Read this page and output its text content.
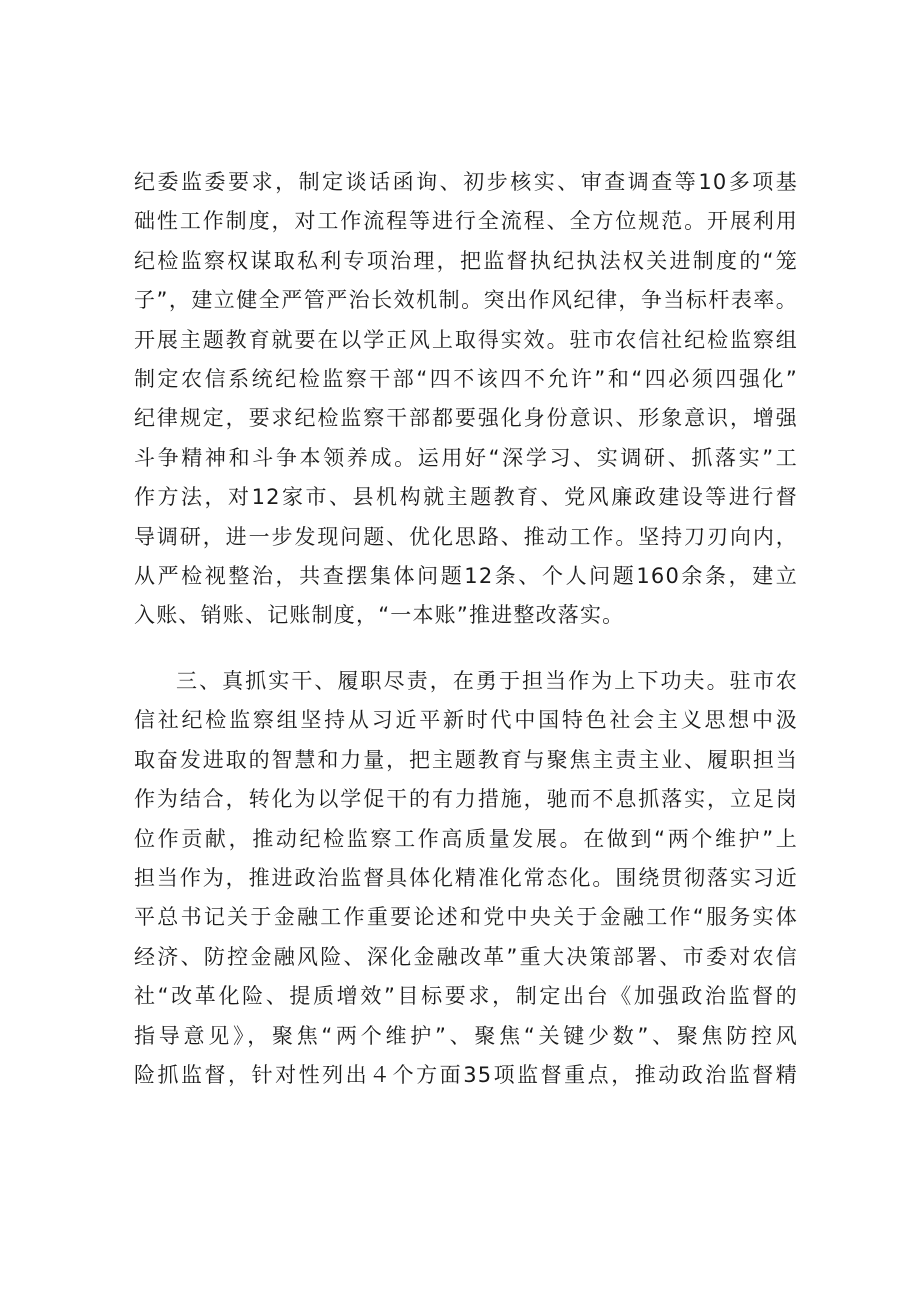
纪委监委要求，制定谈话函询、初步核实、审查调查等10多项基
础性工作制度，对工作流程等进行全流程、全方位规范。开展利用
纪检监察权谋取私利专项治理，把监督执纪执法权关进制度的“笼
子”，建立健全严管严治长效机制。突出作风纪律，争当标杆表率。
开展主题教育就要在以学正风上取得实效。驻市农信社纪检监察组
制定农信系统纪检监察干部“四不该四不允许”和“四必须四强化”
纪律规定，要求纪检监察干部都要强化身份意识、形象意识，增强
斗争精神和斗争本领养成。运用好“深学习、实调研、抓落实”工
作方法，对12家市、县机构就主题教育、党风廉政建设等进行督
导调研，进一步发现问题、优化思路、推动工作。坚持刀刃向内，
从严检视整治，共查摆集体问题12条、个人问题160余条，建立
入账、销账、记账制度，“一本账”推进整改落实。
三、真抓实干、履职尽责，在勇于担当作为上下功夫。驻市农
信社纪检监察组坚持从习近平新时代中国特色社会主义思想中汲
取奋发进取的智慧和力量，把主题教育与聚焦主责主业、履职担当
作为结合，转化为以学促干的有力措施，驰而不息抓落实，立足岗
位作贡献，推动纪检监察工作高质量发展。在做到“两个维护”上
担当作为，推进政治监督具体化精准化常态化。围绕贯彻落实习近
平总书记关于金融工作重要论述和党中央关于金融工作“服务实体
经济、防控金融风险、深化金融改革”重大决策部署、市委对农信
社“改革化险、提质增效”目标要求，制定出台《加强政治监督的
指导意见》，聚焦“两个维护”、聚焦“关键少数”、聚焦防控风
险抓监督，针对性列出４个方面35项监督重点，推动政治监督精
